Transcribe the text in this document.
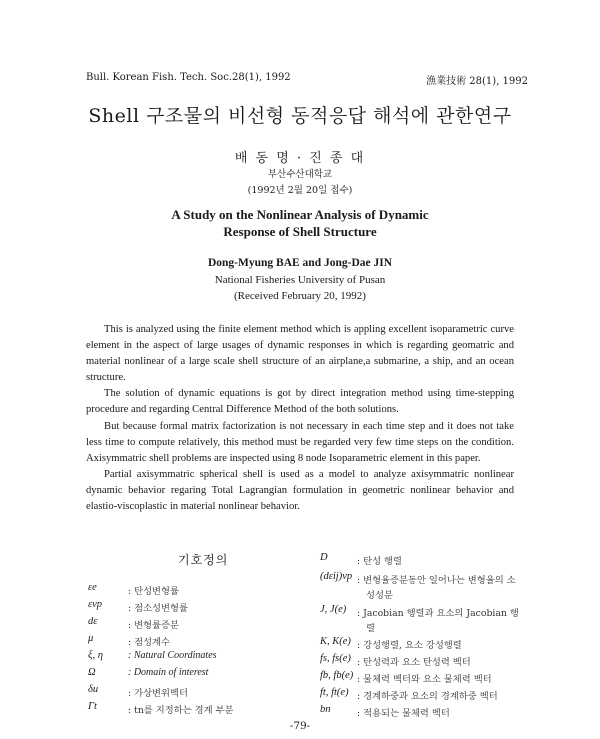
Bull. Korean Fish. Tech. Soc.28(1), 1992	漁業技術 28(1), 1992
Shell 구조물의 비선형 동적응답 해석에 관한연구
배 동 명 · 진 종 대
부산수산대학교
(1992년 2월 20일 접수)
A Study on the Nonlinear Analysis of Dynamic
Response of Shell Structure
Dong-Myung BAE and Jong-Dae JIN
National Fisheries University of Pusan
(Received February 20, 1992)

This is analyzed using the finite element method which is appling excellent isoparametric curve element in the aspect of large usages of dynamic responses in which is regarding geomatric and material nonlinear of a large scale shell structure of an airplane,a submarine, a ship, and an ocean structure.

The solution of dynamic equations is got by direct integration method using time-stepping procedure and regarding Central Difference Method of the both solutions.

But because formal matrix factorization is not necessary in each time step and it does not take less time to compute relatively, this method must be regarded very few time steps on the condition. Axisymmatric shell problems are inspected using 8 node Isoparametric element in this paper.

Partial axisymmatric spherical shell is used as a model to analyze axisymmatric nonlinear dynamic behavior regaring Total Lagrangian formulation in geometric nonlinear behavior and elastio-viscoplastic in material nonlinear behavior.

기호정의
εe	: 탄성변형률
εvp	: 점소성변형률
dε	: 변형률증분
μ	: 점성계수
ξ, η	: Natural Coordinates
Ω	: Domain of interest
δu	: 가상변위벡터
Γt	: tn를 지정하는 경계 부분
D	: 탄성 행렬
(dεij)vp : 변형율증분동안 일어나는 변형율의 소
성성분
J, J(e) : Jacobian 행렬과 요소의 Jacobian 행
렬
K, K(e) : 강성행렬, 요소 강성행렬
fs, fs(e) : 탄성력과 요소 탄성력 벡터
fb, fb(e) : 물체력 벡터와 요소 물체력 벡터
ft, ft(e) : 경계하중과 요소의 경계하중 벡터
bn	: 적용되는 물체력 벡터
-79-
